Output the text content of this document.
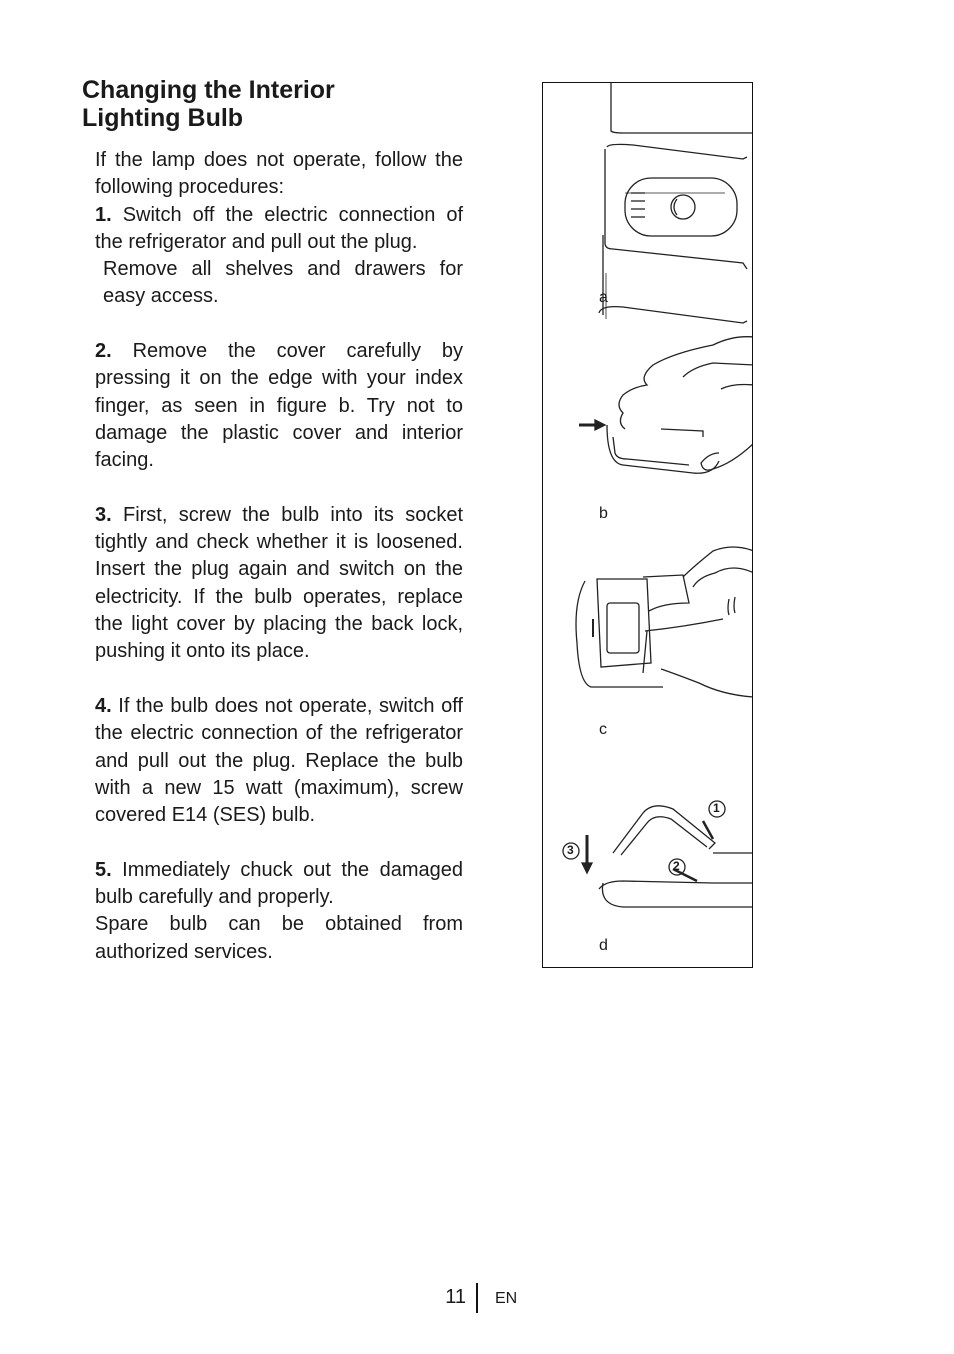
Changing the Interior
Lighting Bulb

If the lamp does not operate, follow the following procedures:

1. Switch off the electric connection of the refrigerator and pull out the plug.

Remove all shelves and drawers for easy access.

2. Remove the cover carefully by pressing it on the edge with your index finger, as seen in figure b. Try not to damage the plastic cover and interior facing.

3. First, screw the bulb into its socket tightly and check whether it is loosened. Insert the plug again and switch on the electricity. If the bulb operates, replace the light cover by placing the back lock, pushing it onto its place.

4. If the bulb does not operate, switch off the electric connection of the refrigerator and pull out the plug. Replace the bulb with a new 15 watt (maximum), screw covered E14 (SES) bulb.

5. Immediately chuck out the damaged bulb carefully and properly.

Spare bulb can be obtained from authorized services.

a
b
c
d
1
2
3
11 EN
